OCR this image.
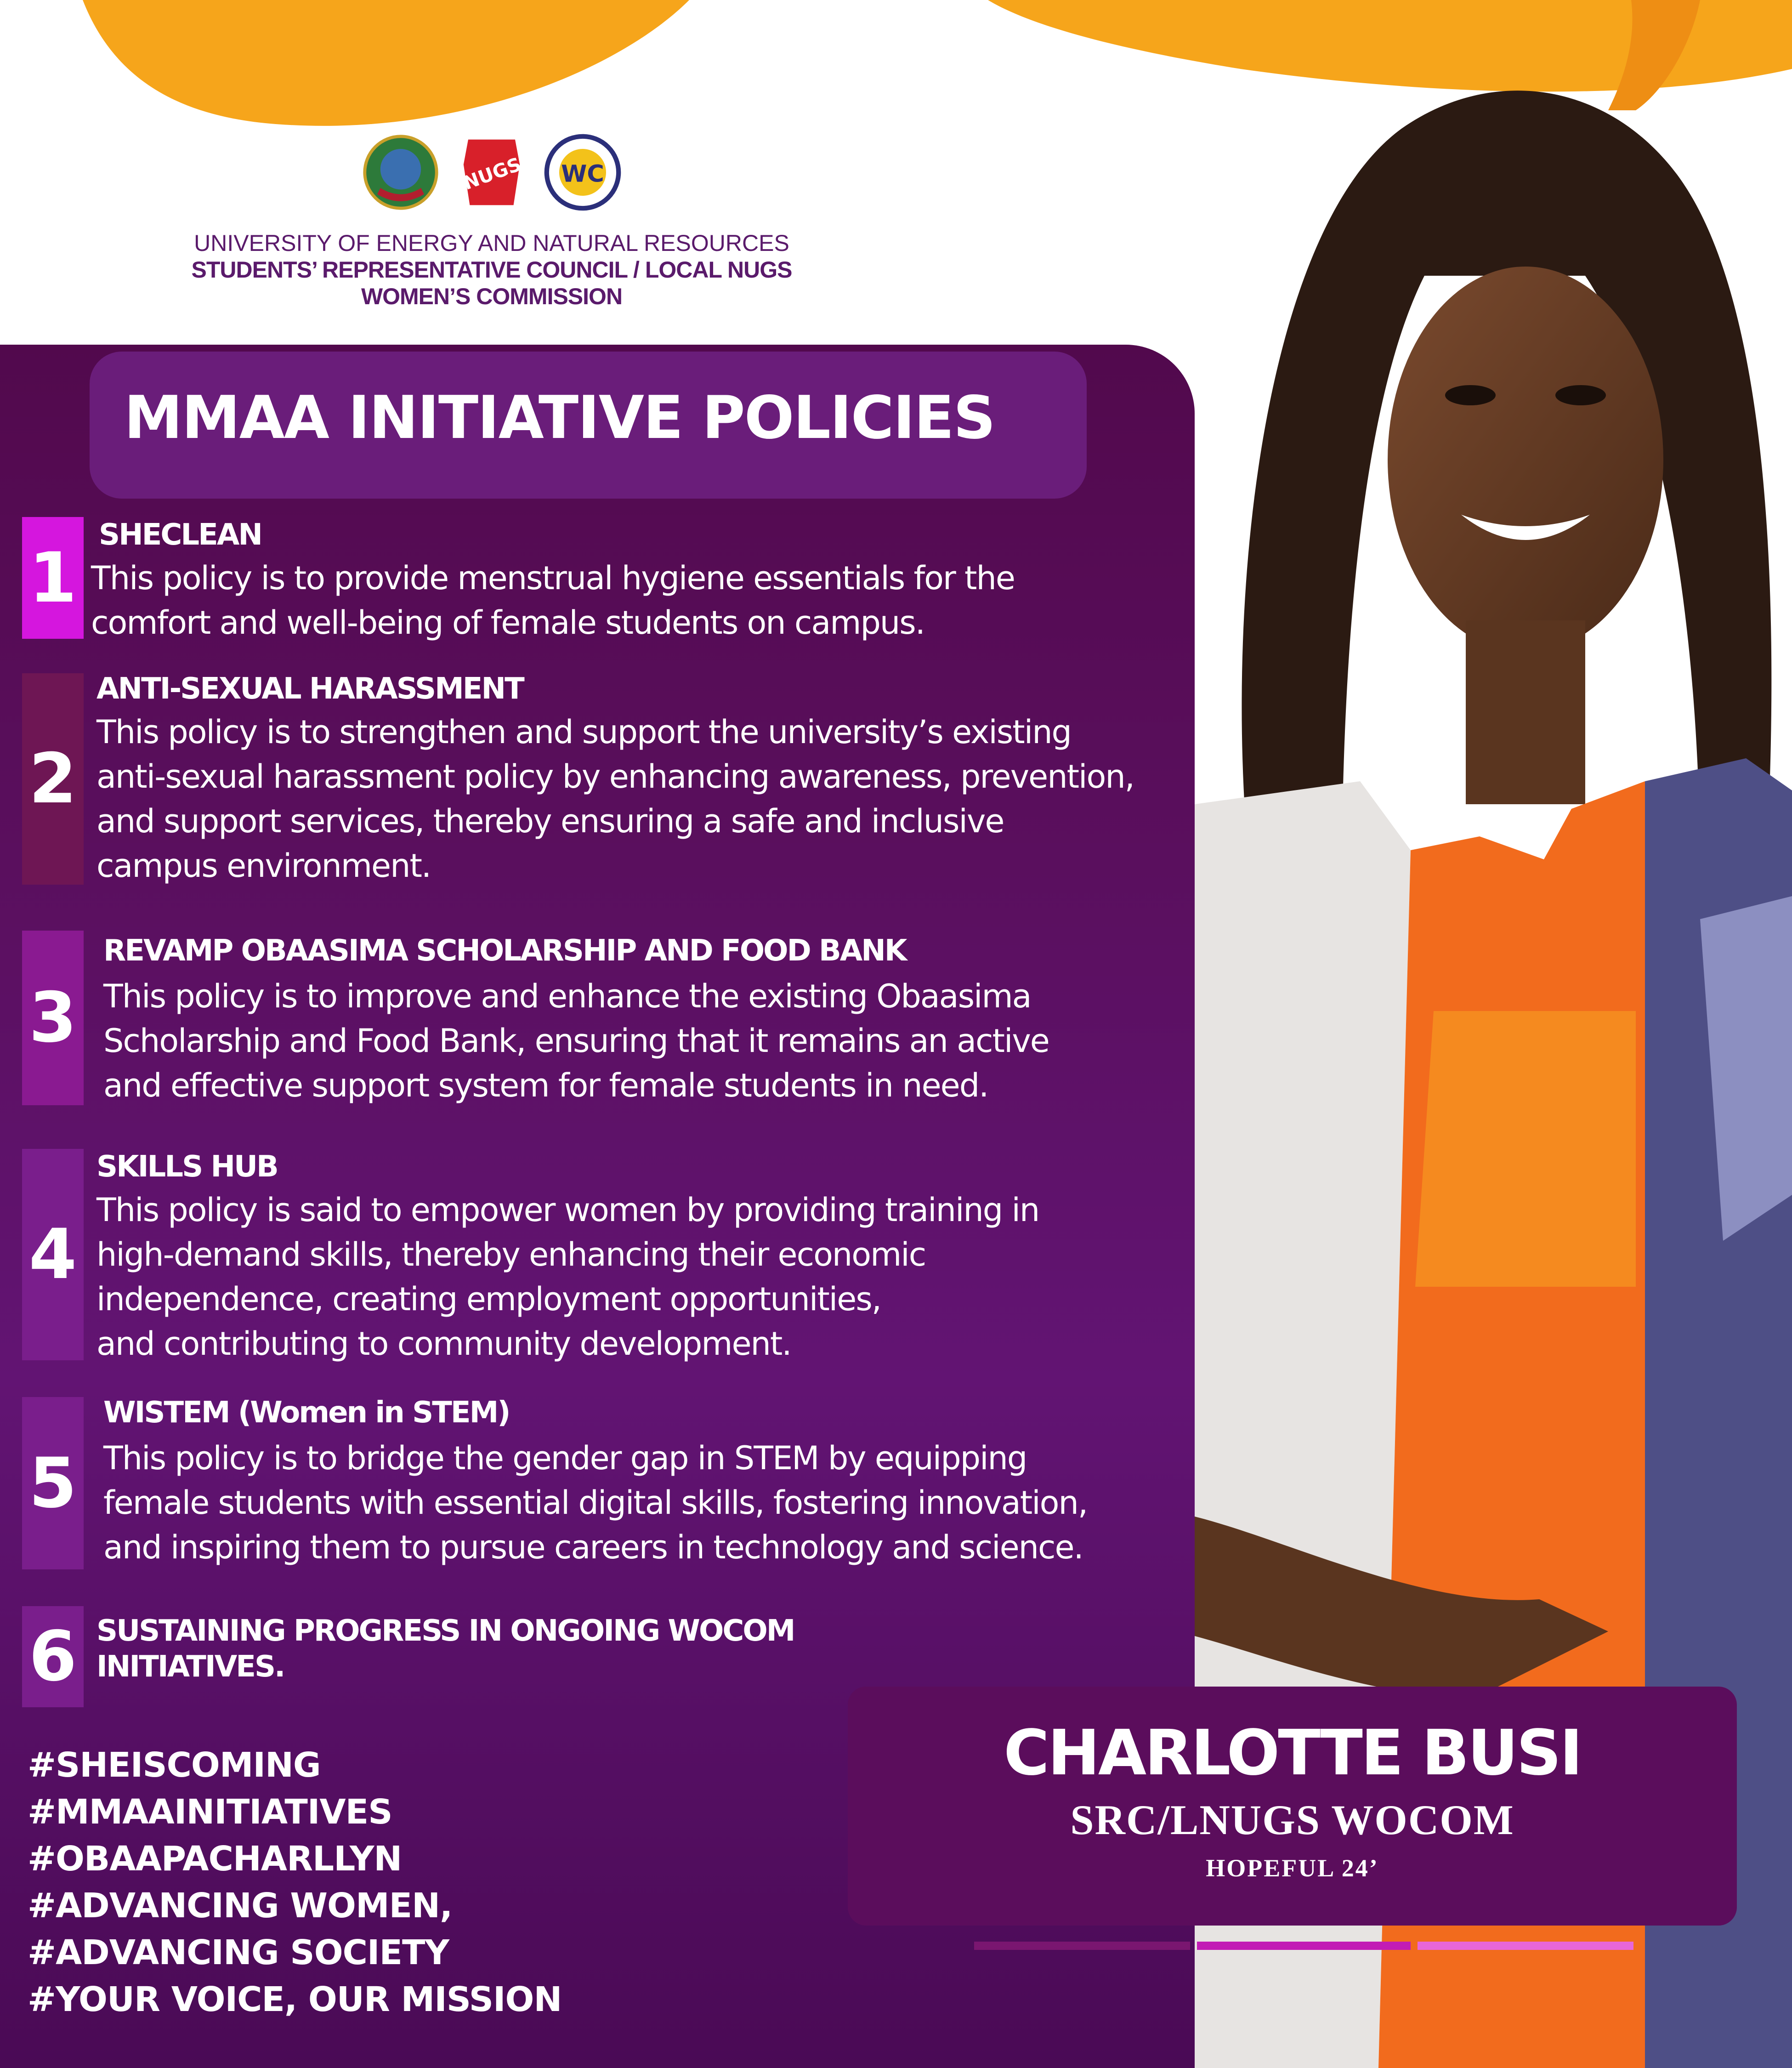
NUGS	WC
UNIVERSITY OF ENERGY AND NATURAL RESOURCES
STUDENTS’ REPRESENTATIVE COUNCIL / LOCAL NUGS
WOMEN’S COMMISSION
MMAA INITIATIVE POLICIES
1
SHECLEAN
This policy is to provide menstrual hygiene essentials for the
comfort and well-being of female students on campus.
2
ANTI-SEXUAL HARASSMENT
This policy is to strengthen and support the university’s existing
anti-sexual harassment policy by enhancing awareness, prevention,
and support services, thereby ensuring a safe and inclusive
campus environment.
3
REVAMP OBAASIMA SCHOLARSHIP AND FOOD BANK
This policy is to improve and enhance the existing Obaasima
Scholarship and Food Bank, ensuring that it remains an active
and effective support system for female students in need.
4
SKILLS HUB
This policy is said to empower women by providing training in
high-demand skills, thereby enhancing their economic
independence, creating employment opportunities,
and contributing to community development.
5
WISTEM (Women in STEM)
This policy is to bridge the gender gap in STEM by equipping
female students with essential digital skills, fostering innovation,
and inspiring them to pursue careers in technology and science.
6 SUSTAINING PROGRESS IN ONGOING WOCOM
INITIATIVES.
#SHEISCOMING
#MMAAINITIATIVES
#OBAAPACHARLLYN
#ADVANCING WOMEN,
#ADVANCING SOCIETY
#YOUR VOICE, OUR MISSION
CHARLOTTE BUSI
SRC/LNUGS WOCOM
HOPEFUL 24’
